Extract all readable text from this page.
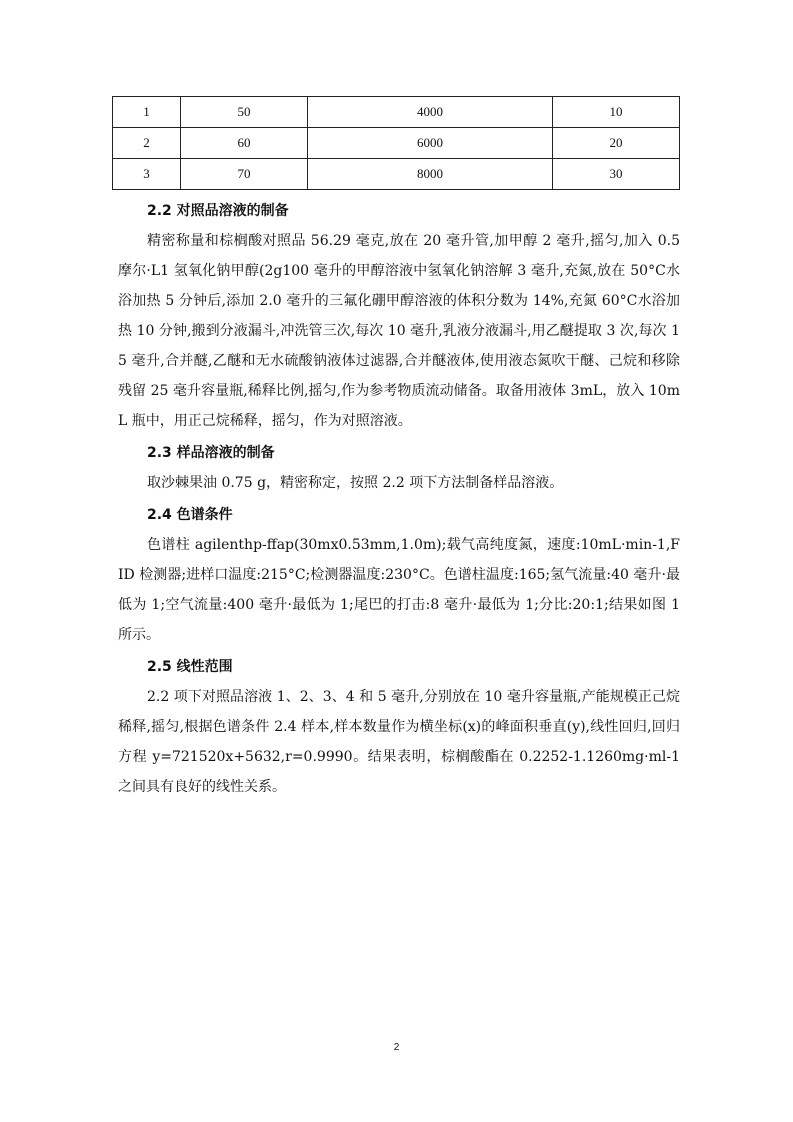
1	50	4000	10
2	60	6000	20
3	70	8000	30
2.2 对照品溶液的制备

精密称量和棕榈酸对照品 56.29 毫克,放在 20 毫升管,加甲醇 2 毫升,摇匀,加入 0.5 摩尔·L1 氢氧化钠甲醇(2g100 毫升的甲醇溶液中氢氧化钠溶解 3 毫升,充氮,放在 50°C水浴加热 5 分钟后,添加 2.0 毫升的三氟化硼甲醇溶液的体积分数为 14%,充氮 60°C水浴加热 10 分钟,搬到分液漏斗,冲洗管三次,每次 10 毫升,乳液分液漏斗,用乙醚提取 3 次,每次 15 毫升,合并醚,乙醚和无水硫酸钠液体过滤器,合并醚液体,使用液态氮吹干醚、己烷和移除残留 25 毫升容量瓶,稀释比例,摇匀,作为参考物质流动储备。取备用液体 3mL，放入 10mL 瓶中，用正己烷稀释，摇匀，作为对照溶液。

2.3 样品溶液的制备

取沙棘果油 0.75 g，精密称定，按照 2.2 项下方法制备样品溶液。

2.4 色谱条件

色谱柱 agilenthp-ffap(30mx0.53mm,1.0m);载气高纯度氮，速度:10mL·min-1,FID 检测器;进样口温度:215°C;检测器温度:230°C。色谱柱温度:165;氢气流量:40 毫升·最低为 1;空气流量:400 毫升·最低为 1;尾巴的打击:8 毫升·最低为 1;分比:20:1;结果如图 1 所示。

2.5 线性范围

2.2 项下对照品溶液 1、2、3、4 和 5 毫升,分别放在 10 毫升容量瓶,产能规模正己烷稀释,摇匀,根据色谱条件 2.4 样本,样本数量作为横坐标(x)的峰面积垂直(y),线性回归,回归方程 y=721520x+5632,r=0.9990。结果表明，棕榈酸酯在 0.2252-1.1260mg·ml-1 之间具有良好的线性关系。

2
